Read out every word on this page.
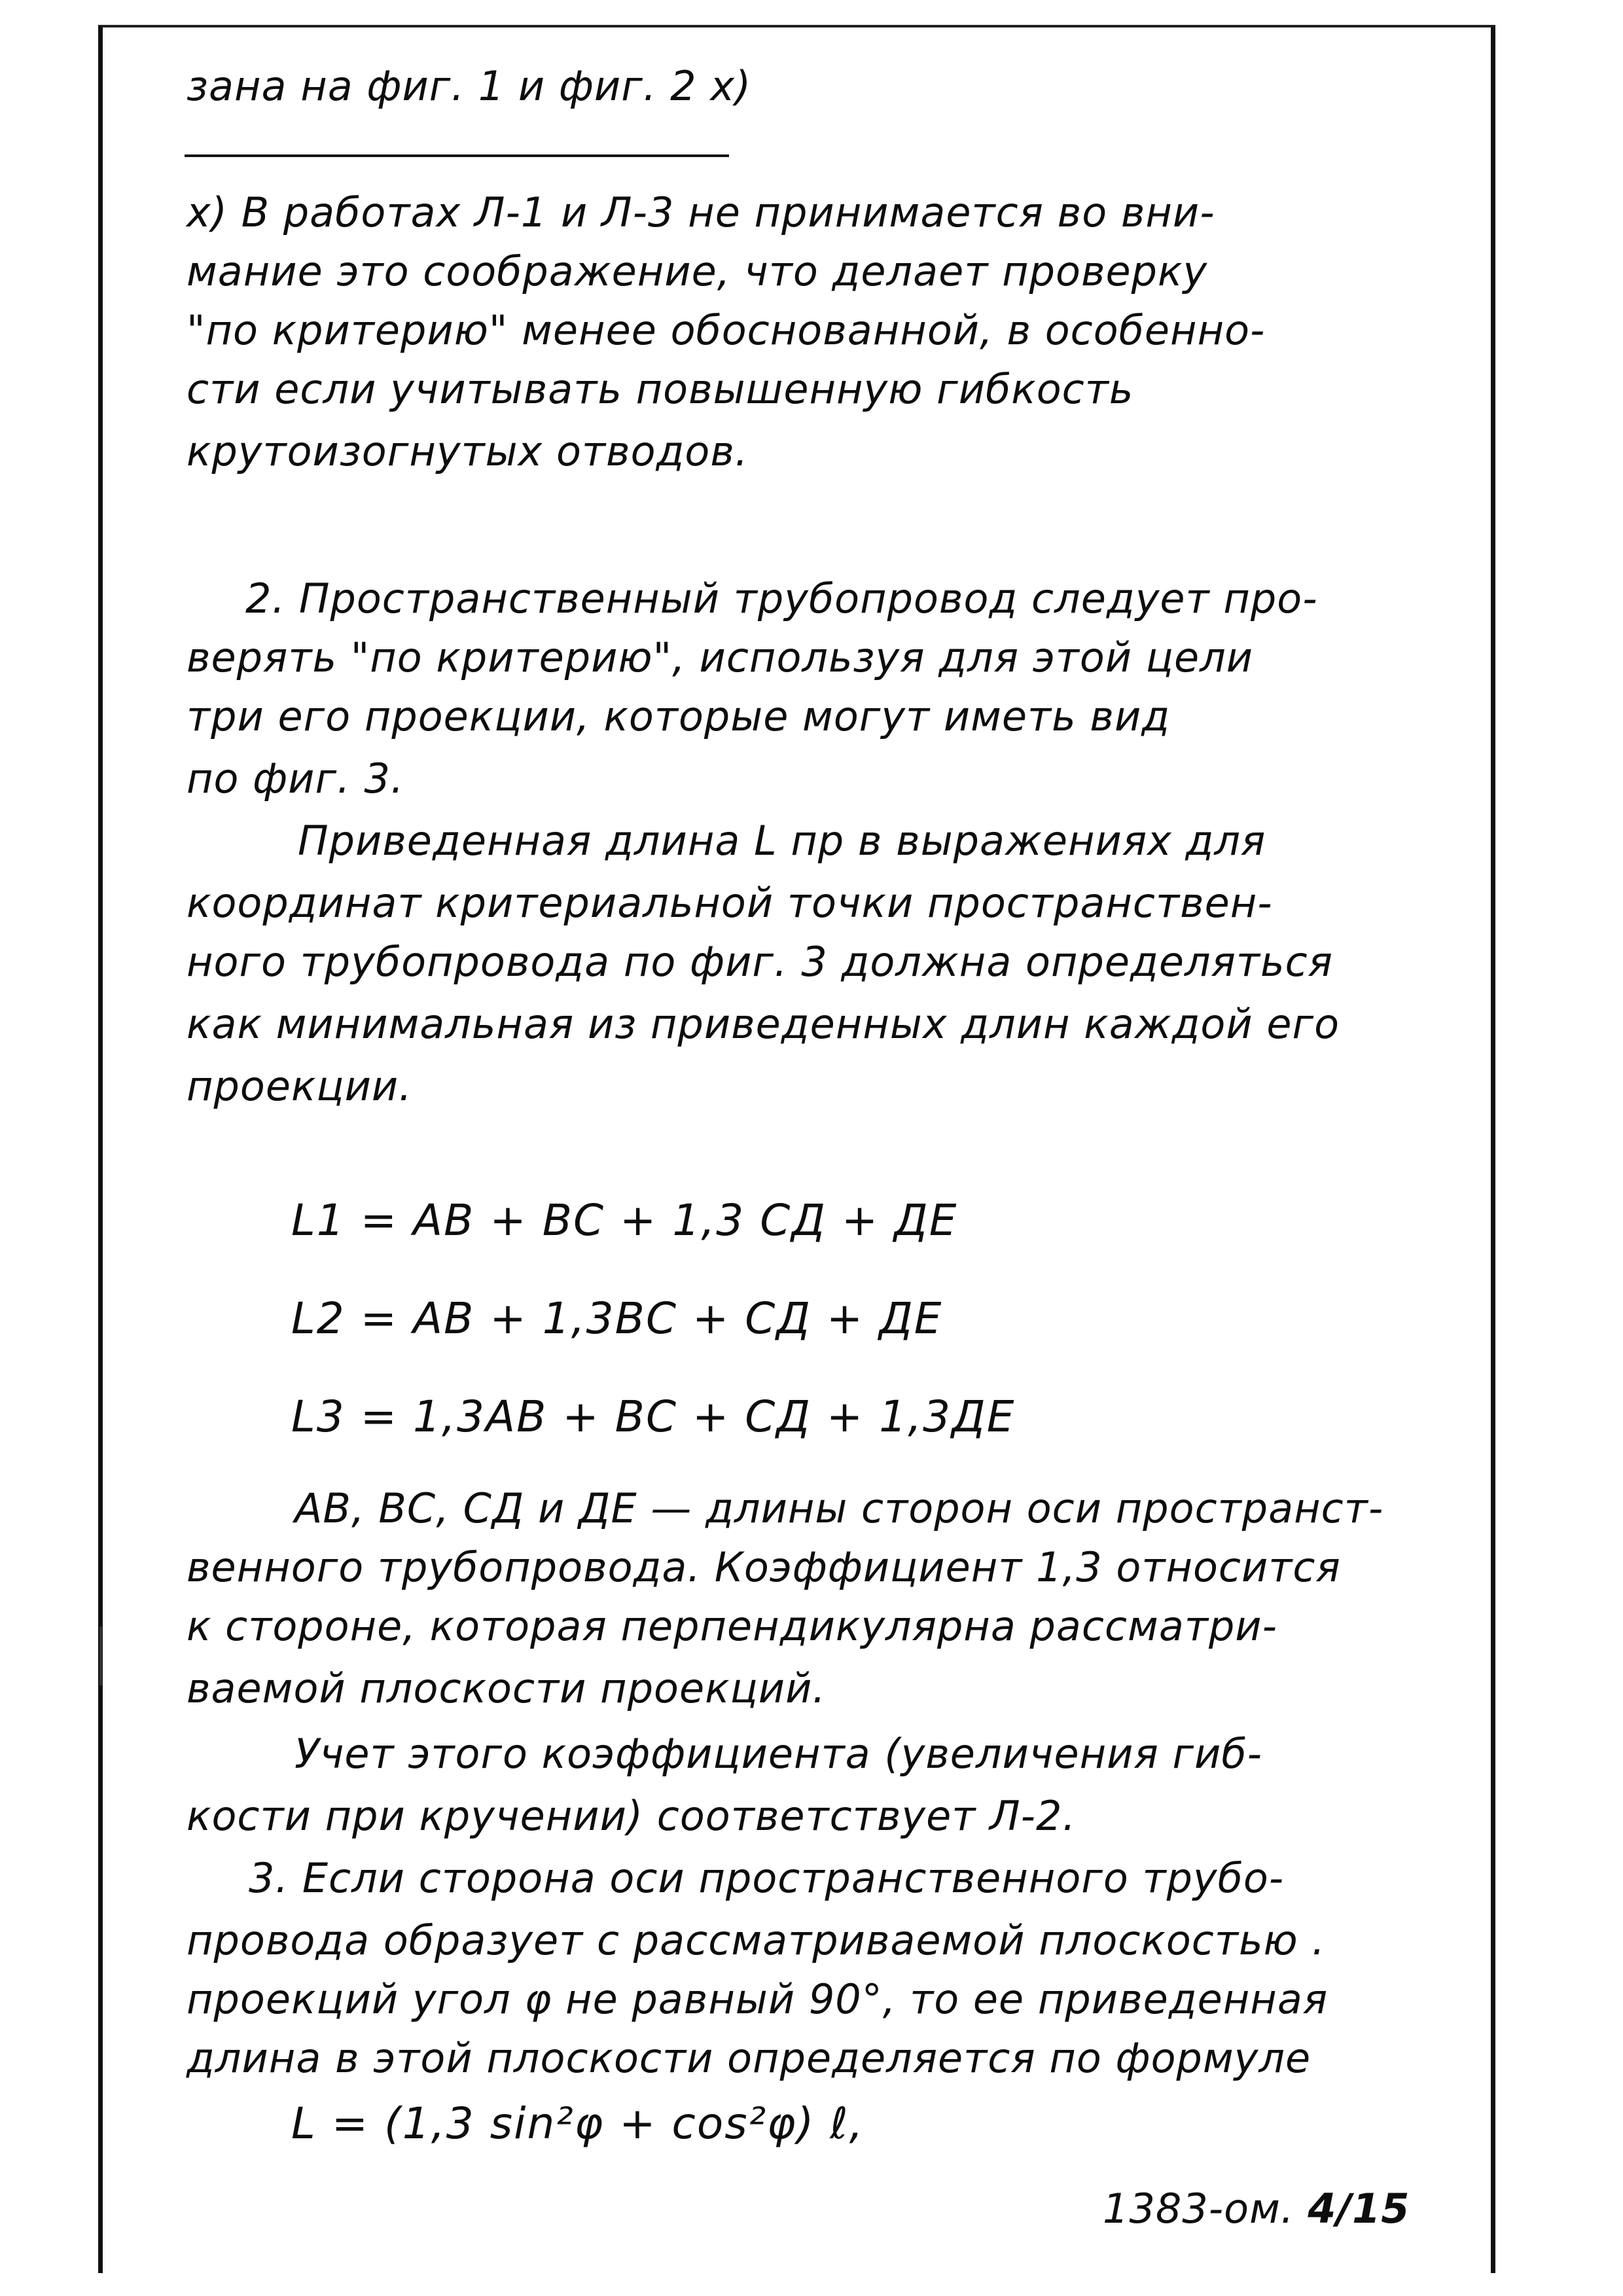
зана на фиг. 1 и фиг. 2 х)

х) В работах Л-1 и Л-3 не принимается во вни-

мание это соображение, что делает проверку

"по критерию" менее обоснованной, в особенно-

сти если учитывать повышенную гибкость

крутоизогнутых отводов.

2. Пространственный трубопровод следует про-

верять "по критерию", используя для этой цели

три его проекции, которые могут иметь вид

по фиг. 3.

Приведенная длина L пр в выражениях для

координат критериальной точки пространствен-

ного трубопровода по фиг. 3 должна определяться

как минимальная из приведенных длин каждой его

проекции.

L1 = AB + BC + 1,3 CД + ДЕ

L2 = AB + 1,3BC + CД + ДЕ

L3 = 1,3AB + BC + CД + 1,3ДЕ

AB, BC, CД и ДЕ — длины сторон оси пространст-

венного трубопровода. Коэффициент 1,3 относится

к стороне, которая перпендикулярна рассматри-

ваемой плоскости проекций.

Учет этого коэффициента (увеличения гиб-

кости при кручении) соответствует Л-2.

3. Если сторона оси пространственного трубо-

провода образует с рассматриваемой плоскостью .

проекций угол φ не равный 90°, то ее приведенная

длина в этой плоскости определяется по формуле

L = (1,3 sin²φ + cos²φ) ℓ,

1383-ом. 4/15
